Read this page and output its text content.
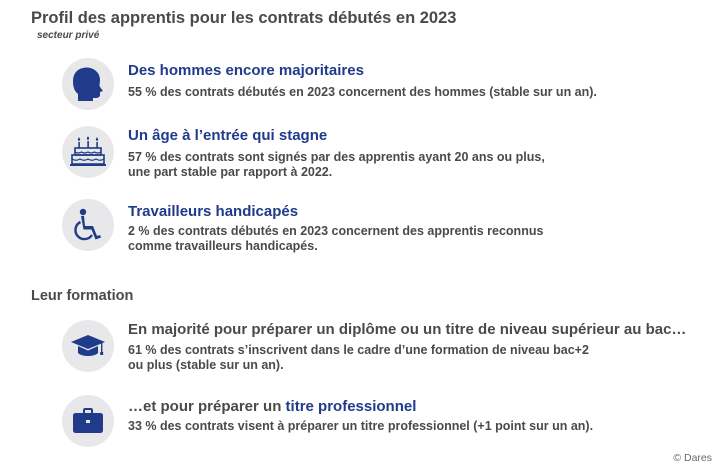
Profil des apprentis pour les contrats débutés en 2023
secteur privé
Des hommes encore majoritaires
55 % des contrats débutés en 2023 concernent des hommes (stable sur un an).
Un âge à l’entrée qui stagne
57 % des contrats sont signés par des apprentis ayant 20 ans ou plus,
une part stable par rapport à 2022.
Travailleurs handicapés
2 % des contrats débutés en 2023 concernent des apprentis reconnus
comme travailleurs handicapés.
Leur formation
En majorité pour préparer un diplôme ou un titre de niveau supérieur au bac…
61 % des contrats s’inscrivent dans le cadre d’une formation de niveau bac+2
ou plus (stable sur un an).
…et pour préparer un titre professionnel
33 % des contrats visent à préparer un titre professionnel (+1 point sur un an).
© Dares
